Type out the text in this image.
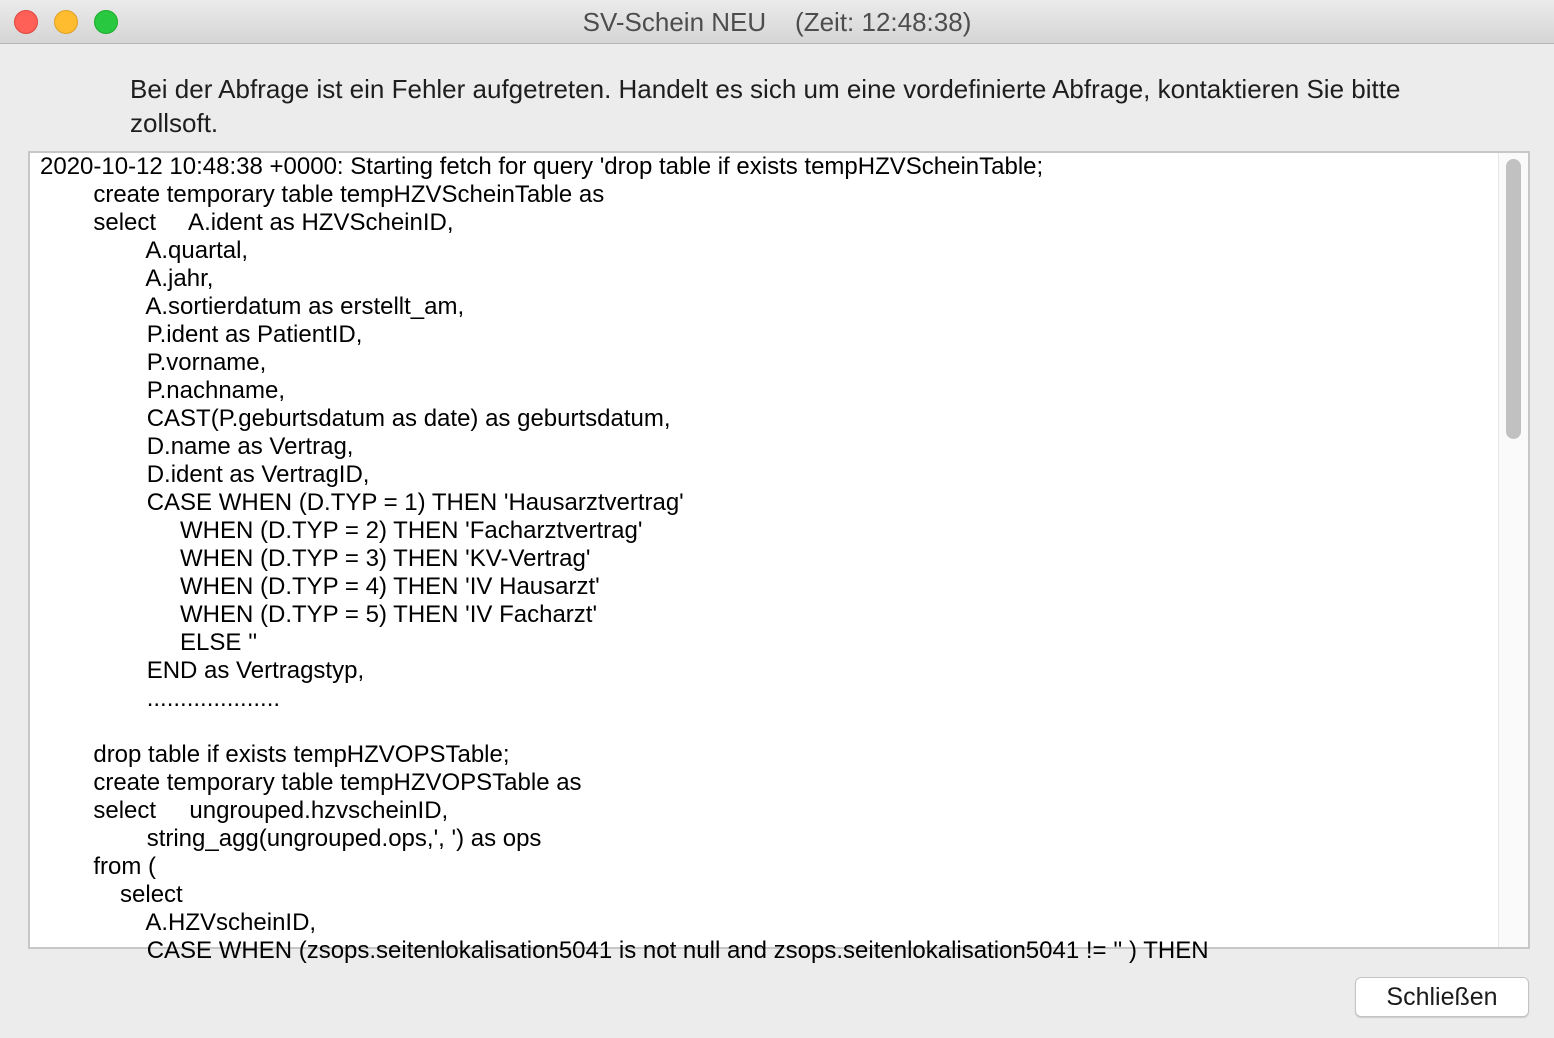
SV-Schein NEU    (Zeit: 12:48:38)
Bei der Abfrage ist ein Fehler aufgetreten. Handelt es sich um eine vordefinierte Abfrage, kontaktieren Sie bitte zollsoft.
2020-10-12 10:48:38 +0000: Starting fetch for query 'drop table if exists tempHZVScheinTable;
create temporary table tempHZVScheinTable as
select     A.ident as HZVScheinID,
A.quartal,
A.jahr,
A.sortierdatum as erstellt_am,
P.ident as PatientID,
P.vorname,
P.nachname,
CAST(P.geburtsdatum as date) as geburtsdatum,
D.name as Vertrag,
D.ident as VertragID,
CASE WHEN (D.TYP = 1) THEN 'Hausarztvertrag'
WHEN (D.TYP = 2) THEN 'Facharztvertrag'
WHEN (D.TYP = 3) THEN 'KV-Vertrag'
WHEN (D.TYP = 4) THEN 'IV Hausarzt'
WHEN (D.TYP = 5) THEN 'IV Facharzt'
ELSE ''
END as Vertragstyp,
....................

drop table if exists tempHZVOPSTable;
create temporary table tempHZVOPSTable as
select     ungrouped.hzvscheinID,
string_agg(ungrouped.ops,', ') as ops
from (
select
A.HZVscheinID,
CASE WHEN (zsops.seitenlokalisation5041 is not null and zsops.seitenlokalisation5041 != '' ) THEN
Schließen
